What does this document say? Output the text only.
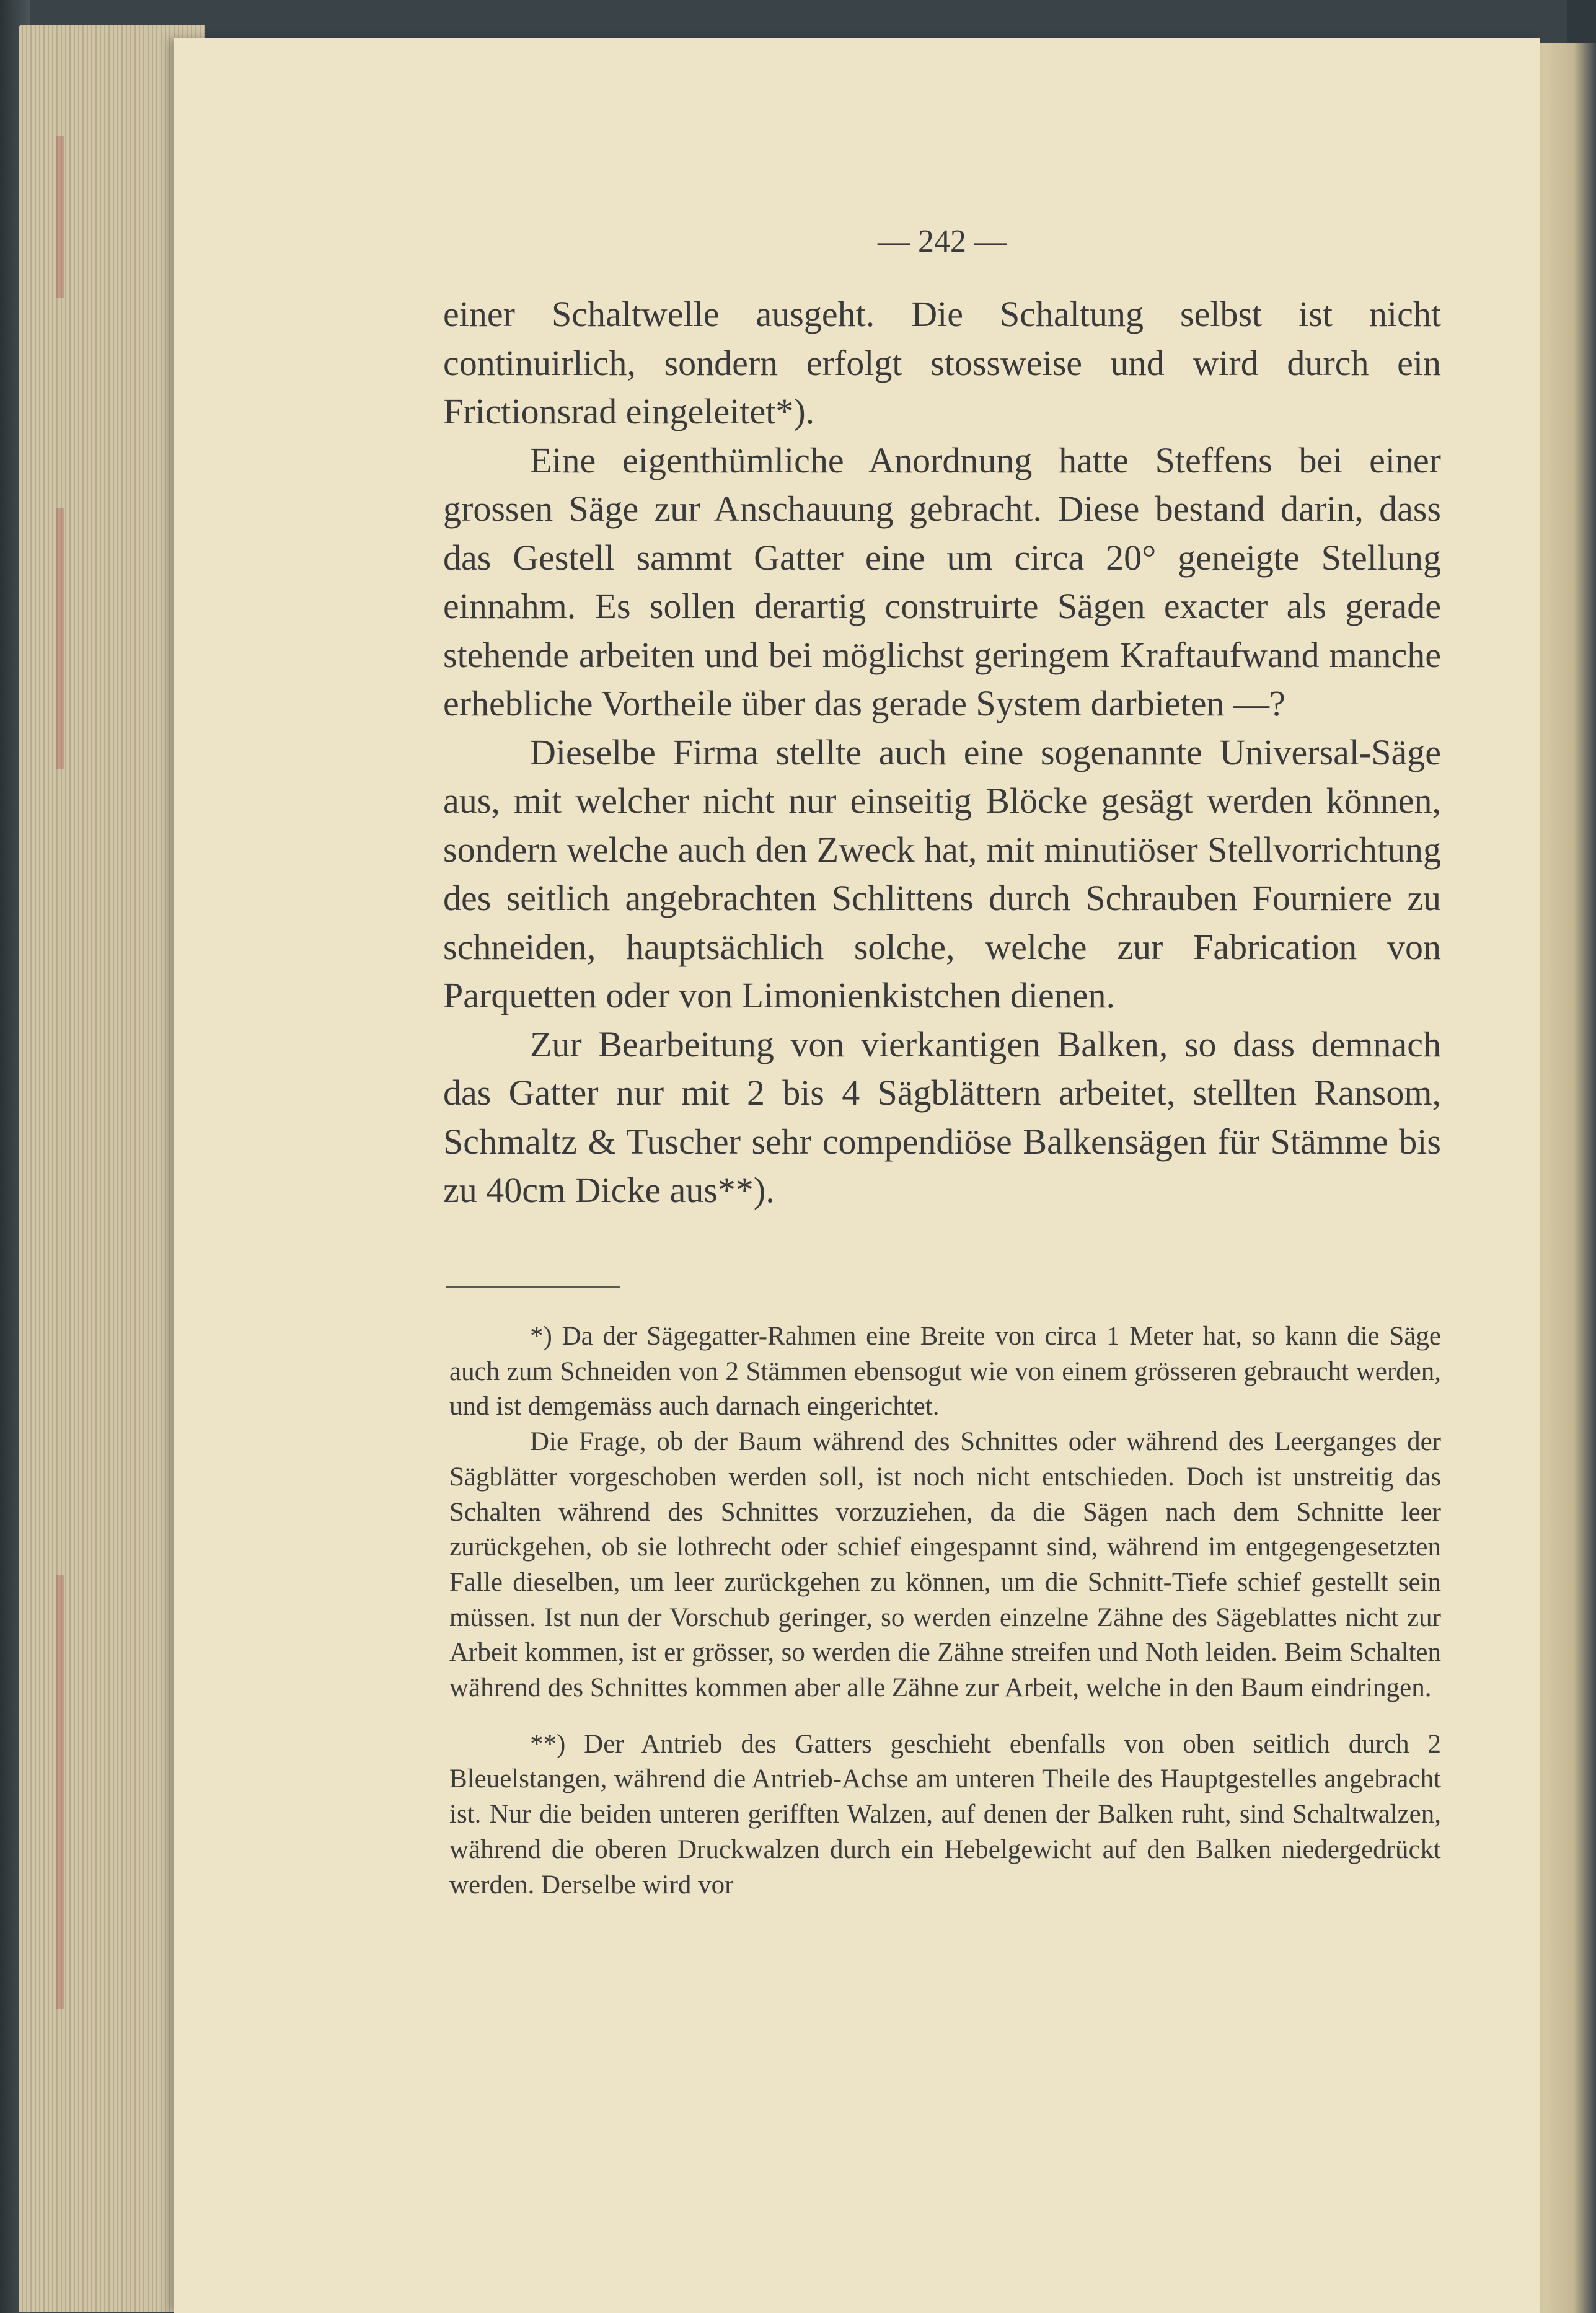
— 242 —

einer Schaltwelle ausgeht. Die Schaltung selbst ist nicht continuirlich, sondern erfolgt stossweise und wird durch ein Frictionsrad eingeleitet*).

Eine eigenthümliche Anordnung hatte Steffens bei einer grossen Säge zur Anschauung gebracht. Diese bestand darin, dass das Gestell sammt Gatter eine um circa 20° geneigte Stellung einnahm. Es sollen derartig construirte Sägen exacter als gerade stehende arbeiten und bei möglichst geringem Kraftaufwand manche erhebliche Vortheile über das gerade System darbieten —?

Dieselbe Firma stellte auch eine sogenannte Universal-Säge aus, mit welcher nicht nur einseitig Blöcke gesägt werden können, sondern welche auch den Zweck hat, mit minutiöser Stellvorrichtung des seitlich angebrachten Schlittens durch Schrauben Fourniere zu schneiden, hauptsächlich solche, welche zur Fabrication von Parquetten oder von Limonienkistchen dienen.

Zur Bearbeitung von vierkantigen Balken, so dass demnach das Gatter nur mit 2 bis 4 Sägblättern arbeitet, stellten Ransom, Schmaltz & Tuscher sehr compendiöse Balkensägen für Stämme bis zu 40cm Dicke aus**).

*) Da der Sägegatter-Rahmen eine Breite von circa 1 Meter hat, so kann die Säge auch zum Schneiden von 2 Stämmen ebensogut wie von einem grösseren gebraucht werden, und ist demgemäss auch darnach eingerichtet.

Die Frage, ob der Baum während des Schnittes oder während des Leerganges der Sägblätter vorgeschoben werden soll, ist noch nicht entschieden. Doch ist unstreitig das Schalten während des Schnittes vorzuziehen, da die Sägen nach dem Schnitte leer zurückgehen, ob sie lothrecht oder schief eingespannt sind, während im entgegengesetzten Falle dieselben, um leer zurückgehen zu können, um die Schnitt-Tiefe schief gestellt sein müssen. Ist nun der Vorschub geringer, so werden einzelne Zähne des Sägeblattes nicht zur Arbeit kommen, ist er grösser, so werden die Zähne streifen und Noth leiden. Beim Schalten während des Schnittes kommen aber alle Zähne zur Arbeit, welche in den Baum eindringen.

**) Der Antrieb des Gatters geschieht ebenfalls von oben seitlich durch 2 Bleuelstangen, während die Antrieb-Achse am unteren Theile des Hauptgestelles angebracht ist. Nur die beiden unteren gerifften Walzen, auf denen der Balken ruht, sind Schaltwalzen, während die oberen Druckwalzen durch ein Hebelgewicht auf den Balken niedergedrückt werden. Derselbe wird vor
